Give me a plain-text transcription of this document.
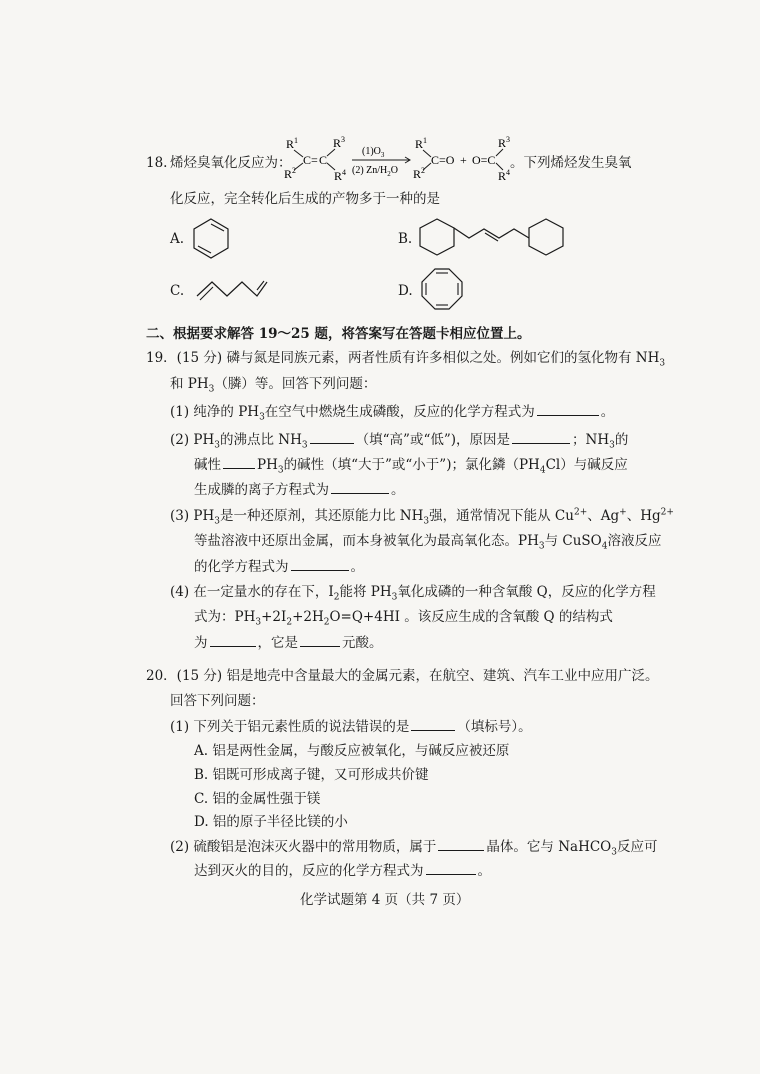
18. 烯烃臭氧化反应为：
$R^1$
$R^2$
C = C
$R^3$
$R^4$
$(1)O_3$
(2) $Zn/H_2O$
$R^1$
$R^2$
C=O + O=C
$R^3$
$R^4$
。下列烯烃发生臭氧
化反应，完全转化后生成的产物多于一种的是
A.	B.
C.	D.
二、根据要求解答 19～25 题，将答案写在答题卡相应位置上。
19．(15 分) 磷与氮是同族元素，两者性质有许多相似之处。例如它们的氢化物有 $NH_3$
和 $PH_3$（膦）等。回答下列问题：
(1) 纯净的 $PH_3$在空气中燃烧生成磷酸，反应的化学方程式为	。
(2) $PH_3$的沸点比 $NH_3$	（填“高”或“低”)，原因是	；$NH_3$的
碱性	$PH_3$的碱性（填“大于”或“小于”)；氯化鏻$(PH_4Cl)$与碱反应
生成膦的离子方程式为	。
(3) $PH_3$是一种还原剂，其还原能力比 $NH_3$强，通常情况下能从 $Cu^{2+}$、Ag+、$Hg^{2+}$
等盐溶液中还原出金属，而本身被氧化为最高氧化态。$PH_3$与 CuSO$_4$溶液反应
的化学方程式为	。
(4) 在一定量水的存在下，$I_2$能将 $PH_3$氧化成磷的一种含氧酸 Q，反应的化学方程
式为：$PH_3+2I_2+2H_2O=Q+4HI$ 。该反应生成的含氧酸 Q 的结构式
为	，它是	元酸。
20．(15 分) 铝是地壳中含量最大的金属元素，在航空、建筑、汽车工业中应用广泛。
回答下列问题：
(1) 下列关于铝元素性质的说法错误的是	（填标号）。
A. 铝是两性金属，与酸反应被氧化，与碱反应被还原
B. 铝既可形成离子键，又可形成共价键
C. 铝的金属性强于镁
D. 铝的原子半径比镁的小
(2) 硫酸铝是泡沫灭火器中的常用物质，属于	晶体。它与 NaHCO$_3$反应可
达到灭火的目的，反应的化学方程式为	。
化学试题第 4 页（共 7 页）
